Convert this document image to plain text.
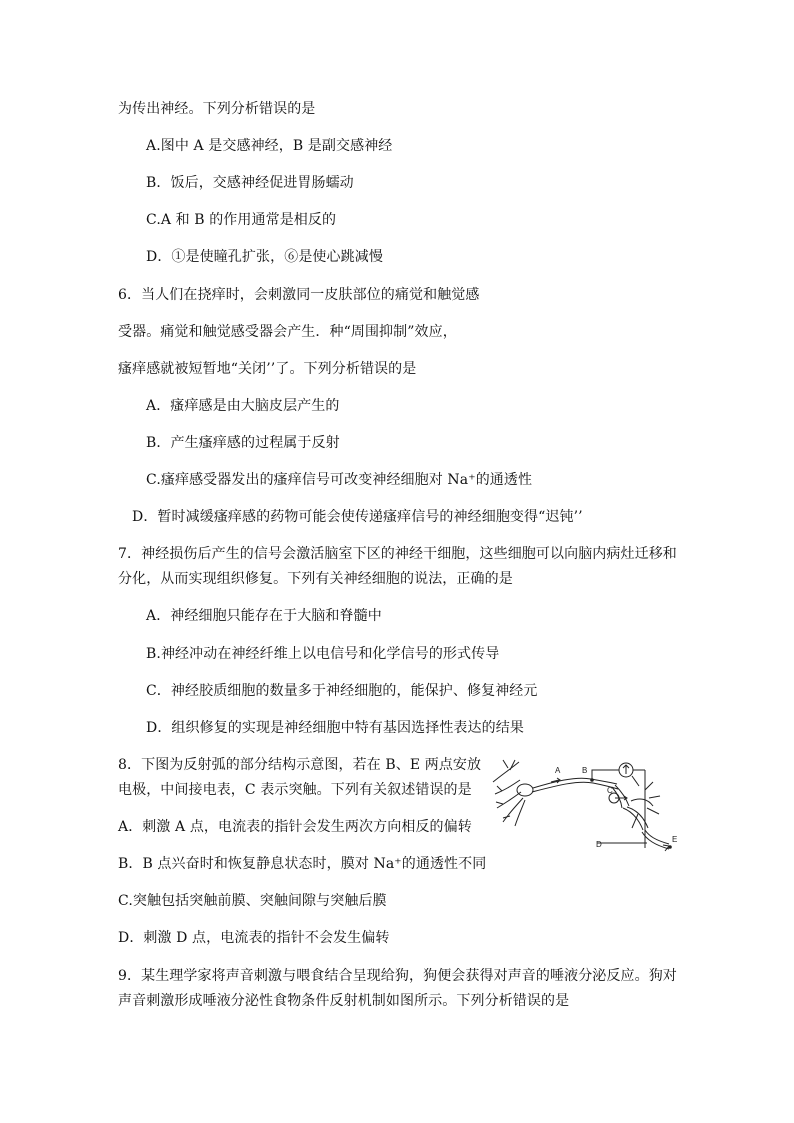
为传出神经。下列分析错误的是
A.图中 A 是交感神经，B 是副交感神经
B．饭后，交感神经促进胃肠蠕动
C.A 和 B 的作用通常是相反的
D．①是使瞳孔扩张，⑥是使心跳减慢
6．当人们在挠痒时，会刺激同一皮肤部位的痛觉和触觉感
受器。痛觉和触觉感受器会产生．种“周围抑制”效应，
瘙痒感就被短暂地“关闭’’了。下列分析错误的是
A．瘙痒感是由大脑皮层产生的
B．产生瘙痒感的过程属于反射
C.瘙痒感受器发出的瘙痒信号可改变神经细胞对 Na⁺的通透性
D．暂时减缓瘙痒感的药物可能会使传递瘙痒信号的神经细胞变得“迟钝’’
7．神经损伤后产生的信号会激活脑室下区的神经干细胞，这些细胞可以向脑内病灶迁移和
分化，从而实现组织修复。下列有关神经细胞的说法，正确的是
A．神经细胞只能存在于大脑和脊髓中
B.神经冲动在神经纤维上以电信号和化学信号的形式传导
C．神经胶质细胞的数量多于神经细胞的，能保护、修复神经元
D．组织修复的实现是神经细胞中特有基因选择性表达的结果
8．下图为反射弧的部分结构示意图，若在 B、E 两点安放
电极，中间接电表，C 表示突触。下列有关叙述错误的是
A．刺激 A 点，电流表的指针会发生两次方向相反的偏转
B．B 点兴奋时和恢复静息状态时，膜对 Na⁺的通透性不同
C.突触包括突触前膜、突触间隙与突触后膜
D．刺激 D 点，电流表的指针不会发生偏转
9．某生理学家将声音刺激与喂食结合呈现给狗，狗便会获得对声音的唾液分泌反应。狗对
声音刺激形成唾液分泌性食物条件反射机制如图所示。下列分析错误的是
A	B
C
D
E
